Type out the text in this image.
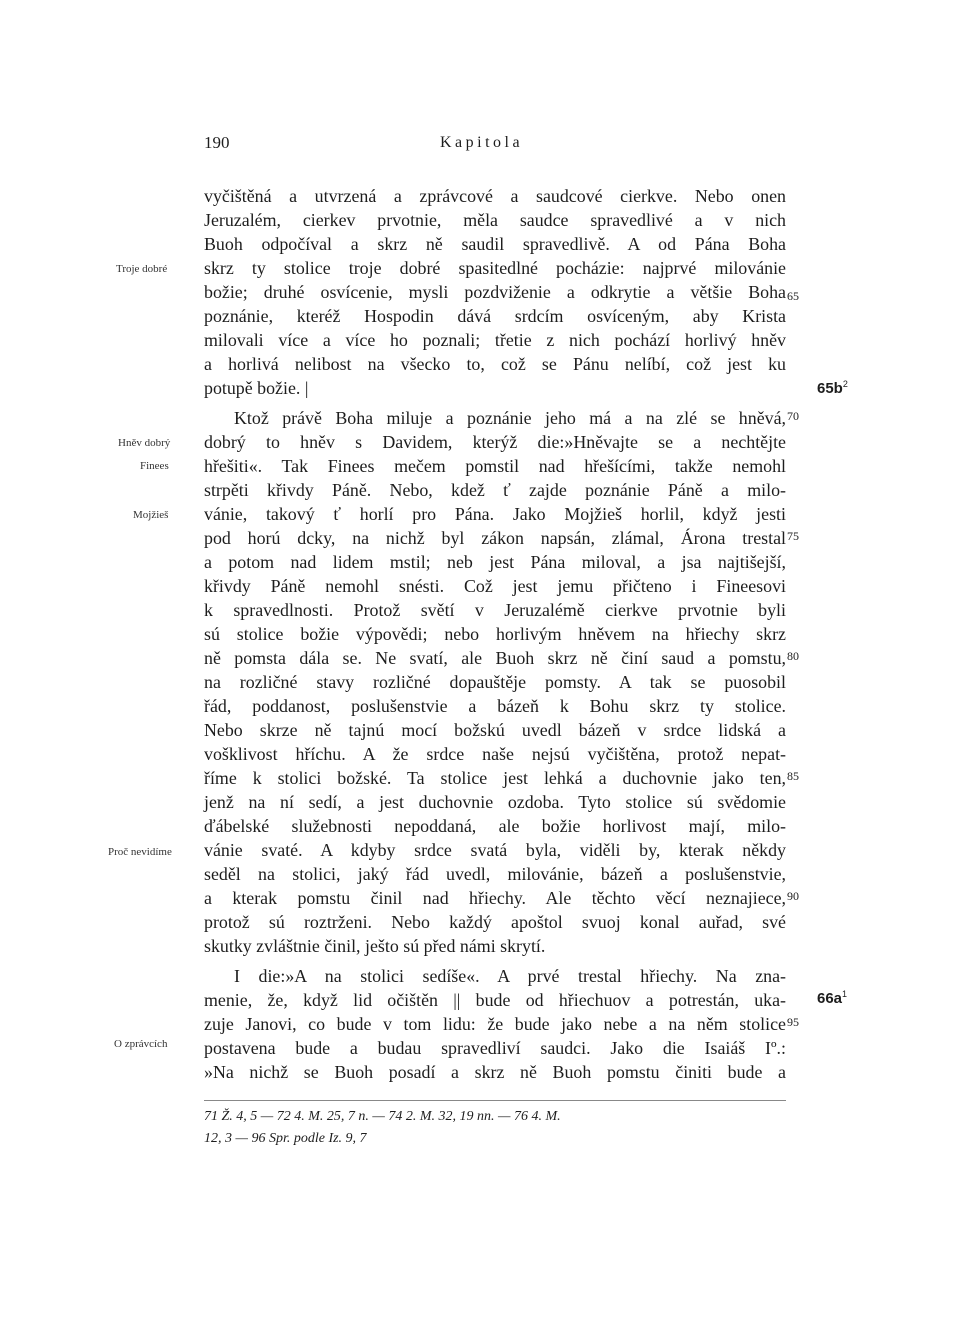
190	Kapitola
Troje dobré
Hněv dobrý
Finees
Mojžieš
Proč nevidíme
O zprávcích
65
70
75
80
85
90
95
$65b^2$
$66a^1$
vyčištěná a utvrzená a zprávcové a saudcové cierkve. Nebo onen
Jeruzalém, cierkev prvotnie, měla saudce spravedlivé a v nich
Buoh odpočíval a skrz ně saudil spravedlivě. A od Pána Boha
skrz ty stolice troje dobré spasitedlné pocházie: najprvé milovánie
božie; druhé osvícenie, mysli pozdviženie a odkrytie a většie Boha
poznánie, kteréž Hospodin dává srdcím osvíceným, aby Krista
milovali více a více ho poznali; třetie z nich pochází horlivý hněv
a horlivá nelibost na všecko to, což se Pánu nelíbí, což jest ku
potupě božie. |
Ktož právě Boha miluje a poznánie jeho má a na zlé se hněvá,
dobrý to hněv s Davidem, kterýž die:»Hněvajte se a nechtějte
hřešiti«. Tak Finees mečem pomstil nad hřešícími, takže nemohl
strpěti křivdy Páně. Nebo, kdež ť zajde poznánie Páně a milo-
vánie, takový ť horlí pro Pána. Jako Mojžieš horlil, když jesti
pod horú dcky, na nichž byl zákon napsán, zlámal, Árona trestal
a potom nad lidem mstil; neb jest Pána miloval, a jsa najtišejší,
křivdy Páně nemohl snésti. Což jest jemu přičteno i Fineesovi
k spravedlnosti. Protož světí v Jeruzalémě cierkve prvotnie byli
sú stolice božie výpovědi; nebo horlivým hněvem na hřiechy skrz
ně pomsta dála se. Ne svatí, ale Buoh skrz ně činí saud a pomstu,
na rozličné stavy rozličné dopauštěje pomsty. A tak se puosobil
řád, poddanost, poslušenstvie a bázeň k Bohu skrz ty stolice.
Nebo skrze ně tajnú mocí božskú uvedl bázeň v srdce lidská a
vošklivost hříchu. A že srdce naše nejsú vyčištěna, protož nepat-
říme k stolici božské. Ta stolice jest lehká a duchovnie jako ten,
jenž na ní sedí, a jest duchovnie ozdoba. Tyto stolice sú svědomie
ďábelské služebnosti nepoddaná, ale božie horlivost mají, milo-
vánie svaté. A kdyby srdce svatá byla, viděli by, kterak někdy
seděl na stolici, jaký řád uvedl, milovánie, bázeň a poslušenstvie,
a kterak pomstu činil nad hřiechy. Ale těchto věcí neznajiece,
protož sú roztrženi. Nebo každý apoštol svuoj konal auřad, své
skutky zvláštnie činil, ješto sú před námi skrytí.
I die:»A na stolici sedíše«. A prvé trestal hřiechy. Na zna-
menie, že, když lid očištěn || bude od hřiechuov a potrestán, uka-
zuje Janovi, co bude v tom lidu: že bude jako nebe a na něm stolice
postavena bude a budau spravedliví saudci. Jako die Isaiáš Iº.:
»Na nichž se Buoh posadí a skrz ně Buoh pomstu činiti bude a
71 Ž. 4, 5 — 72 4. M. 25, 7 n. — 74 2. M. 32, 19 nn. — 76 4. M.
12, 3 — 96 Spr. podle Iz. 9, 7
